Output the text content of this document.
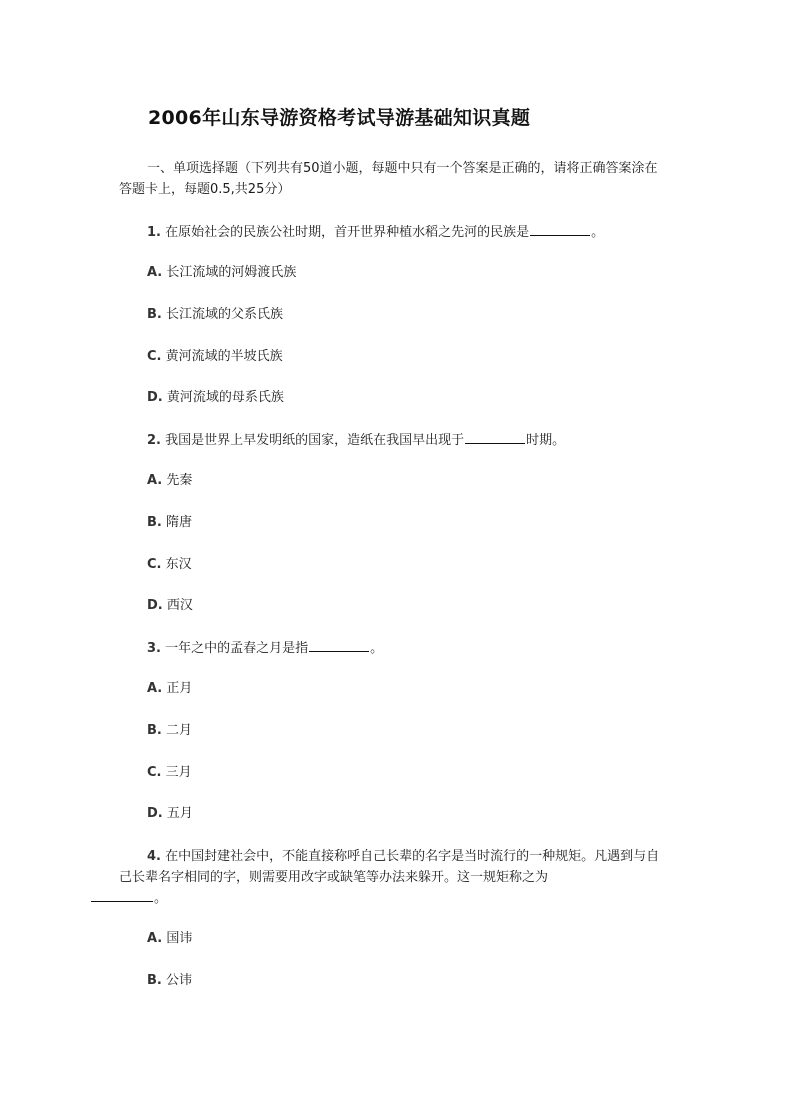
2006年山东导游资格考试导游基础知识真题
一、单项选择题（下列共有50道小题，每题中只有一个答案是正确的，请将正确答案涂在答题卡上，每题0.5,共25分）
1. 在原始社会的民族公社时期，首开世界种植水稻之先河的民族是	。
A. 长江流域的河姆渡氏族
B. 长江流域的父系氏族
C. 黄河流域的半坡氏族
D. 黄河流域的母系氏族
2. 我国是世界上早发明纸的国家，造纸在我国早出现于	时期。
A. 先秦
B. 隋唐
C. 东汉
D. 西汉
3. 一年之中的孟春之月是指	。
A. 正月
B. 二月
C. 三月
D. 五月
4. 在中国封建社会中，不能直接称呼自己长辈的名字是当时流行的一种规矩。凡遇到与自己长辈名字相同的字，则需要用改字或缺笔等办法来躲开。这一规矩称之为
。
A. 国讳
B. 公讳
